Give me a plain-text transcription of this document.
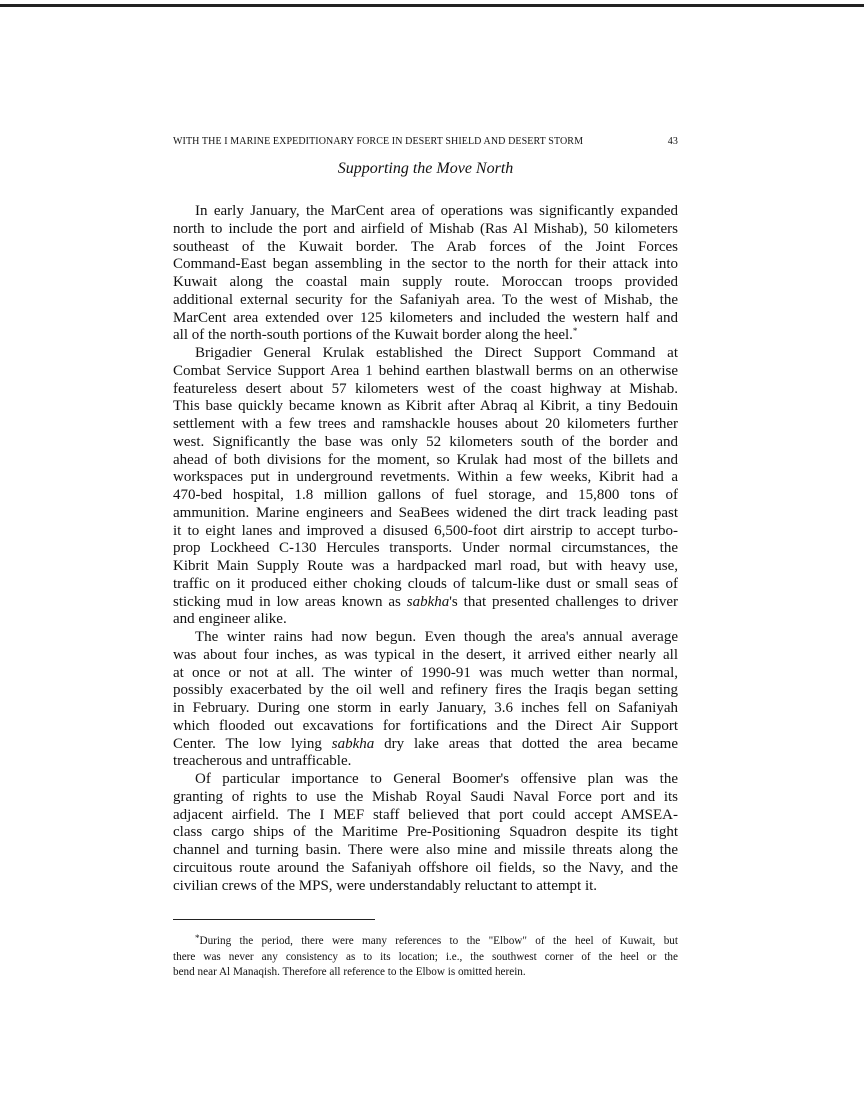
WITH THE I MARINE EXPEDITIONARY FORCE IN DESERT SHIELD AND DESERT STORM	43
Supporting the Move North
In early January, the MarCent area of operations was significantly expanded
north to include the port and airfield of Mishab (Ras Al Mishab), 50 kilometers
southeast of the Kuwait border. The Arab forces of the Joint Forces
Command-East began assembling in the sector to the north for their attack into
Kuwait along the coastal main supply route. Moroccan troops provided
additional external security for the Safaniyah area. To the west of Mishab, the
MarCent area extended over 125 kilometers and included the western half and
all of the north-south portions of the Kuwait border along the heel.*
Brigadier General Krulak established the Direct Support Command at
Combat Service Support Area 1 behind earthen blastwall berms on an otherwise
featureless desert about 57 kilometers west of the coast highway at Mishab.
This base quickly became known as Kibrit after Abraq al Kibrit, a tiny Bedouin
settlement with a few trees and ramshackle houses about 20 kilometers further
west. Significantly the base was only 52 kilometers south of the border and
ahead of both divisions for the moment, so Krulak had most of the billets and
workspaces put in underground revetments. Within a few weeks, Kibrit had a
470-bed hospital, 1.8 million gallons of fuel storage, and 15,800 tons of
ammunition. Marine engineers and SeaBees widened the dirt track leading past
it to eight lanes and improved a disused 6,500-foot dirt airstrip to accept turbo-
prop Lockheed C-130 Hercules transports. Under normal circumstances, the
Kibrit Main Supply Route was a hardpacked marl road, but with heavy use,
traffic on it produced either choking clouds of talcum-like dust or small seas of
sticking mud in low areas known as sabkha's that presented challenges to driver
and engineer alike.
The winter rains had now begun. Even though the area's annual average
was about four inches, as was typical in the desert, it arrived either nearly all
at once or not at all. The winter of 1990-91 was much wetter than normal,
possibly exacerbated by the oil well and refinery fires the Iraqis began setting
in February. During one storm in early January, 3.6 inches fell on Safaniyah
which flooded out excavations for fortifications and the Direct Air Support
Center. The low lying sabkha dry lake areas that dotted the area became
treacherous and untrafficable.
Of particular importance to General Boomer's offensive plan was the
granting of rights to use the Mishab Royal Saudi Naval Force port and its
adjacent airfield. The I MEF staff believed that port could accept AMSEA-
class cargo ships of the Maritime Pre-Positioning Squadron despite its tight
channel and turning basin. There were also mine and missile threats along the
circuitous route around the Safaniyah offshore oil fields, so the Navy, and the
civilian crews of the MPS, were understandably reluctant to attempt it.
*During the period, there were many references to the "Elbow" of the heel of Kuwait, but
there was never any consistency as to its location; i.e., the southwest corner of the heel or the
bend near Al Manaqish. Therefore all reference to the Elbow is omitted herein.
